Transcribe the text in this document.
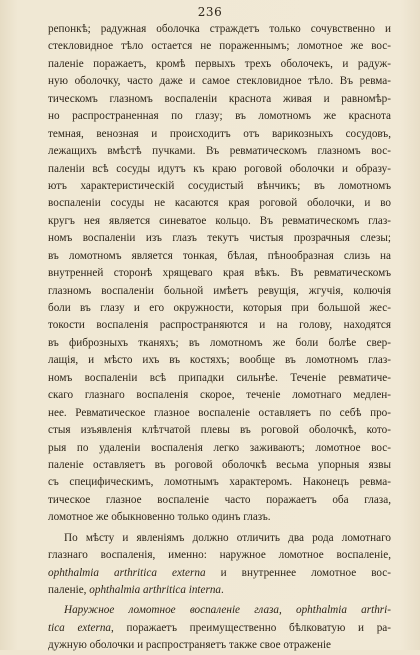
236
репонкѣ; радужная оболочка страждетъ только сочувственно и
стекловидное тѣло остается не пораженнымъ; ломотное же вос-
паленіе поражаетъ, кромѣ первыхъ трехъ оболочекъ, и радуж-
ную оболочку, часто даже и самое стекловидное тѣло. Въ ревма-
тическомъ глазномъ воспаленіи краснота живая и равномѣр-
но распространенная по глазу; въ ломотномъ же краснота
темная, венозная и происходитъ отъ варикозныхъ сосудовъ,
лежащихъ вмѣстѣ пучками. Въ ревматическомъ глазномъ вос-
паленіи всѣ сосуды идутъ къ краю роговой оболочки и образу-
ютъ характеристическій сосудистый вѣнчикъ; въ ломотномъ
воспаленіи сосуды не касаются края роговой оболочки, и во
кругъ нея является синеватое кольцо. Въ ревматическомъ глаз-
номъ воспаленіи изъ глазъ текутъ чистыя прозрачныя слезы;
въ ломотномъ является тонкая, бѣлая, пѣнообразная слизь на
внутренней сторонѣ хрящеваго края вѣкъ. Въ ревматическомъ
глазномъ воспаленіи больной имѣетъ ревущія, жгучія, колючія
боли въ глазу и его окружности, которыя при большой жес-
токости воспаленія распространяются и на голову, находятся
въ фиброзныхъ тканяхъ; въ ломотномъ же боли болѣе свер-
лащія, и мѣсто ихъ въ костяхъ; вообще въ ломотномъ глаз-
номъ воспаленіи всѣ припадки сильнѣе. Теченіе ревматиче-
скаго глазнаго воспаленія скорое, теченіе ломотнаго медлен-
нее. Ревматическое глазное воспаленіе оставляетъ по себѣ про-
стыя изъявленія клѣтчатой плевы въ роговой оболочкѣ, кото-
рыя по удаленіи воспаленія легко заживаютъ; ломотное вос-
паленіе оставляетъ въ роговой оболочкѣ весьма упорныя язвы
съ специфическимъ, ломотнымъ характеромъ. Наконецъ ревма-
тическое глазное воспаленіе часто поражаетъ оба глаза,
ломотное же обыкновенно только одинъ глазъ.
По мѣсту и явленіямъ должно отличить два рода ломотнаго
глазнаго воспаленія, именно: наружное ломотное воспаленіе,
ophthalmia arthritica externa и внутреннее ломотное вос-
паленіе, ophthalmia arthritica interna.
Наружное ломотное воспаленіе глаза, ophthalmia arthri-
tica externa, поражаетъ преимущественно бѣлковатую и ра-
дужную оболочки и распространяетъ также свое отраженіе
